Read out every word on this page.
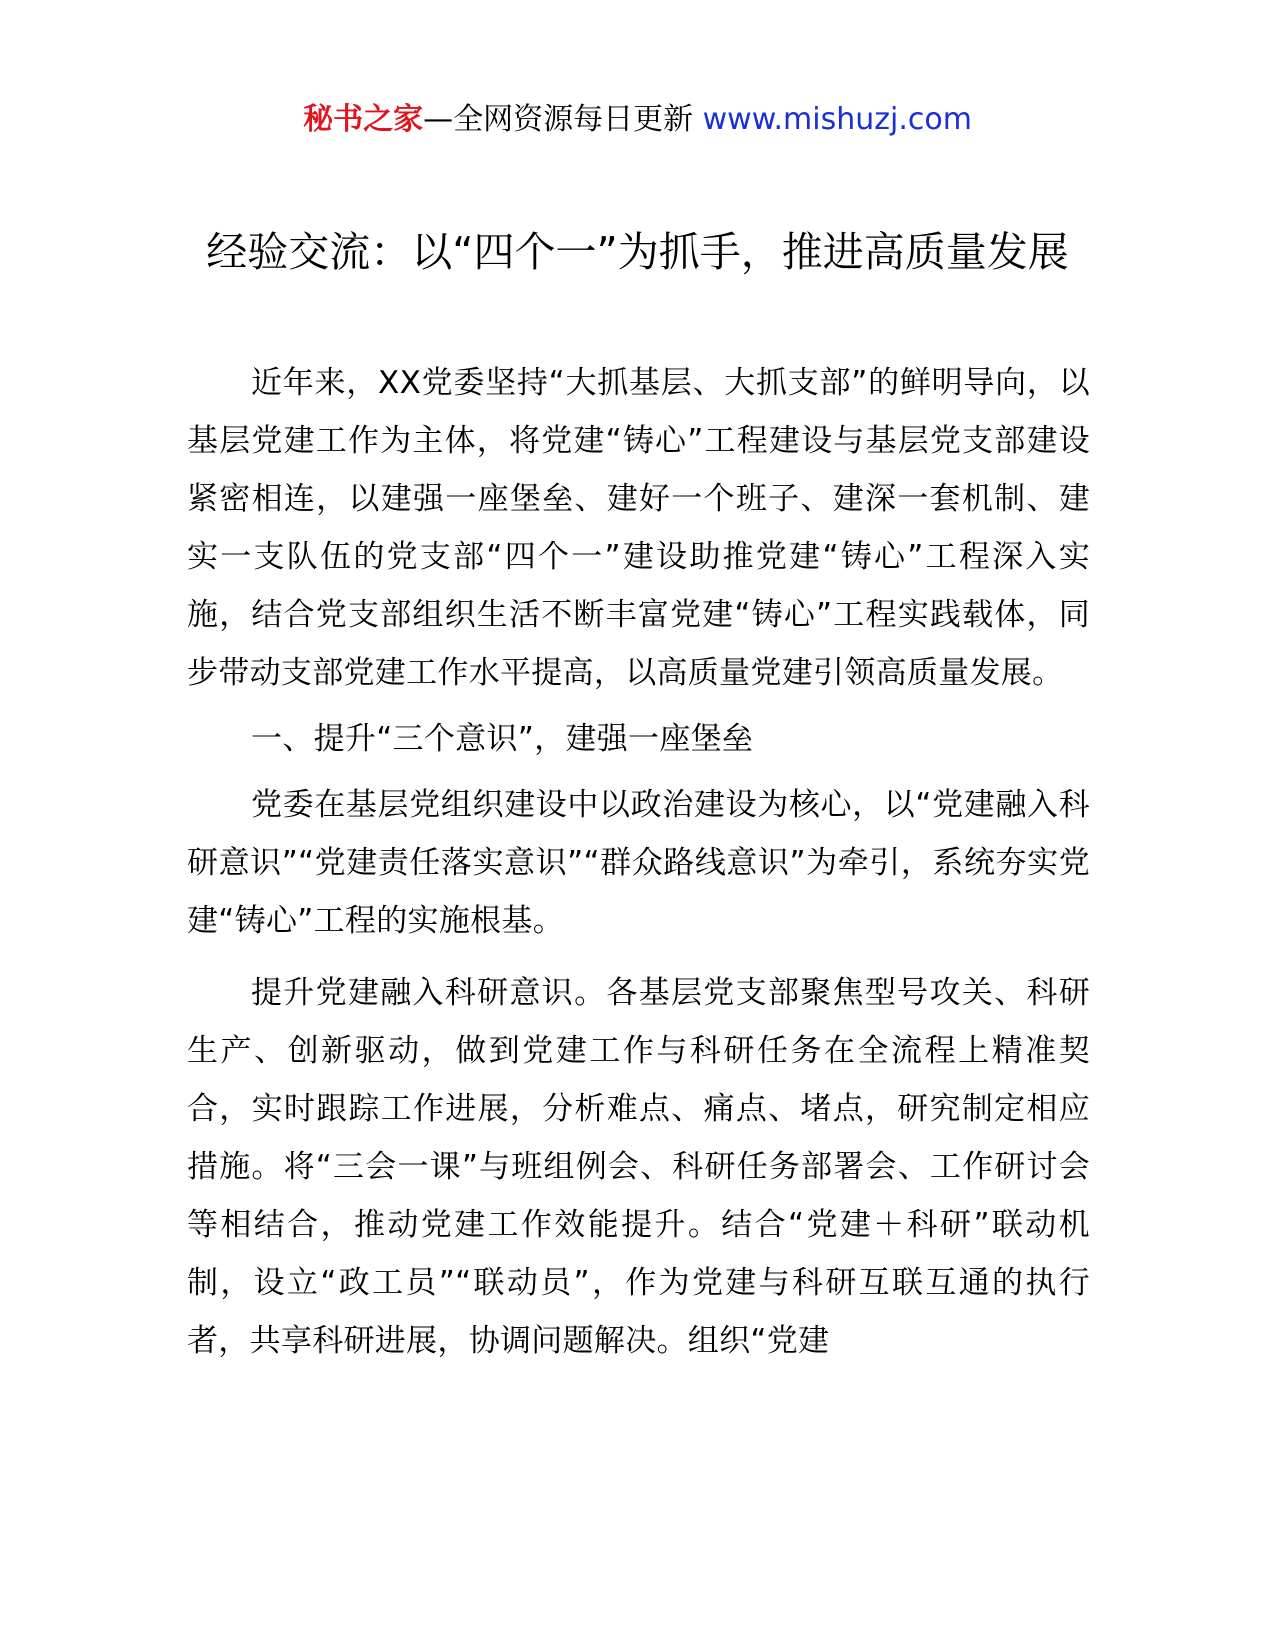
秘书之家—全网资源每日更新 www.mishuzj.com
经验交流：以“四个一”为抓手，推进高质量发展

近年来，XX党委坚持“大抓基层、大抓支部”的鲜明导向，以基层党建工作为主体，将党建“铸心”工程建设与基层党支部建设紧密相连，以建强一座堡垒、建好一个班子、建深一套机制、建实一支队伍的党支部“四个一”建设助推党建“铸心”工程深入实施，结合党支部组织生活不断丰富党建“铸心”工程实践载体，同步带动支部党建工作水平提高，以高质量党建引领高质量发展。

一、提升“三个意识”，建强一座堡垒

党委在基层党组织建设中以政治建设为核心，以“党建融入科研意识”“党建责任落实意识”“群众路线意识”为牵引，系统夯实党建“铸心”工程的实施根基。

提升党建融入科研意识。各基层党支部聚焦型号攻关、科研生产、创新驱动，做到党建工作与科研任务在全流程上精准契合，实时跟踪工作进展，分析难点、痛点、堵点，研究制定相应措施。将“三会一课”与班组例会、科研任务部署会、工作研讨会等相结合，推动党建工作效能提升。结合“党建＋科研”联动机制，设立“政工员”“联动员”，作为党建与科研互联互通的执行者，共享科研进展，协调问题解决。组织“党建
